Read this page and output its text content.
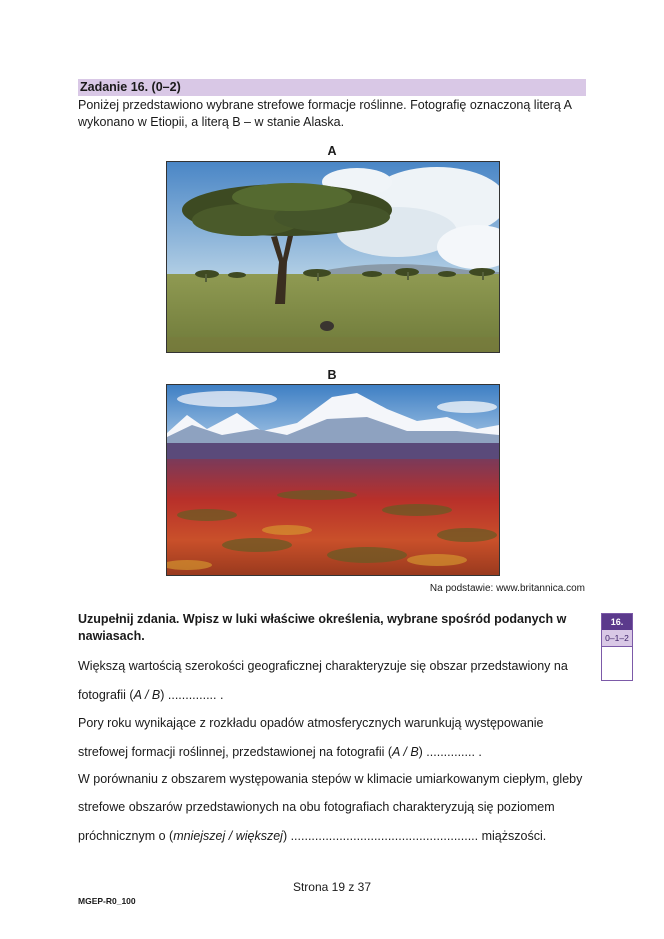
Zadanie 16. (0–2)
Poniżej przedstawiono wybrane strefowe formacje roślinne. Fotografię oznaczoną literą A wykonano w Etiopii, a literą B – w stanie Alaska.
A
B
Na podstawie: www.britannica.com
Uzupełnij zdania. Wpisz w luki właściwe określenia, wybrane spośród podanych w nawiasach.
16.
0–1–2
Większą wartością szerokości geograficznej charakteryzuje się obszar przedstawiony na
fotografii (A / B) .............. .
Pory roku wynikające z rozkładu opadów atmosferycznych warunkują występowanie
strefowej formacji roślinnej, przedstawionej na fotografii (A / B) .............. .
W porównaniu z obszarem występowania stepów w klimacie umiarkowanym ciepłym, gleby
strefowe obszarów przedstawionych na obu fotografiach charakteryzują się poziomem
próchnicznym o (mniejszej / większej) ...................................................... miąższości.
Strona 19 z 37
MGEP-R0_100
